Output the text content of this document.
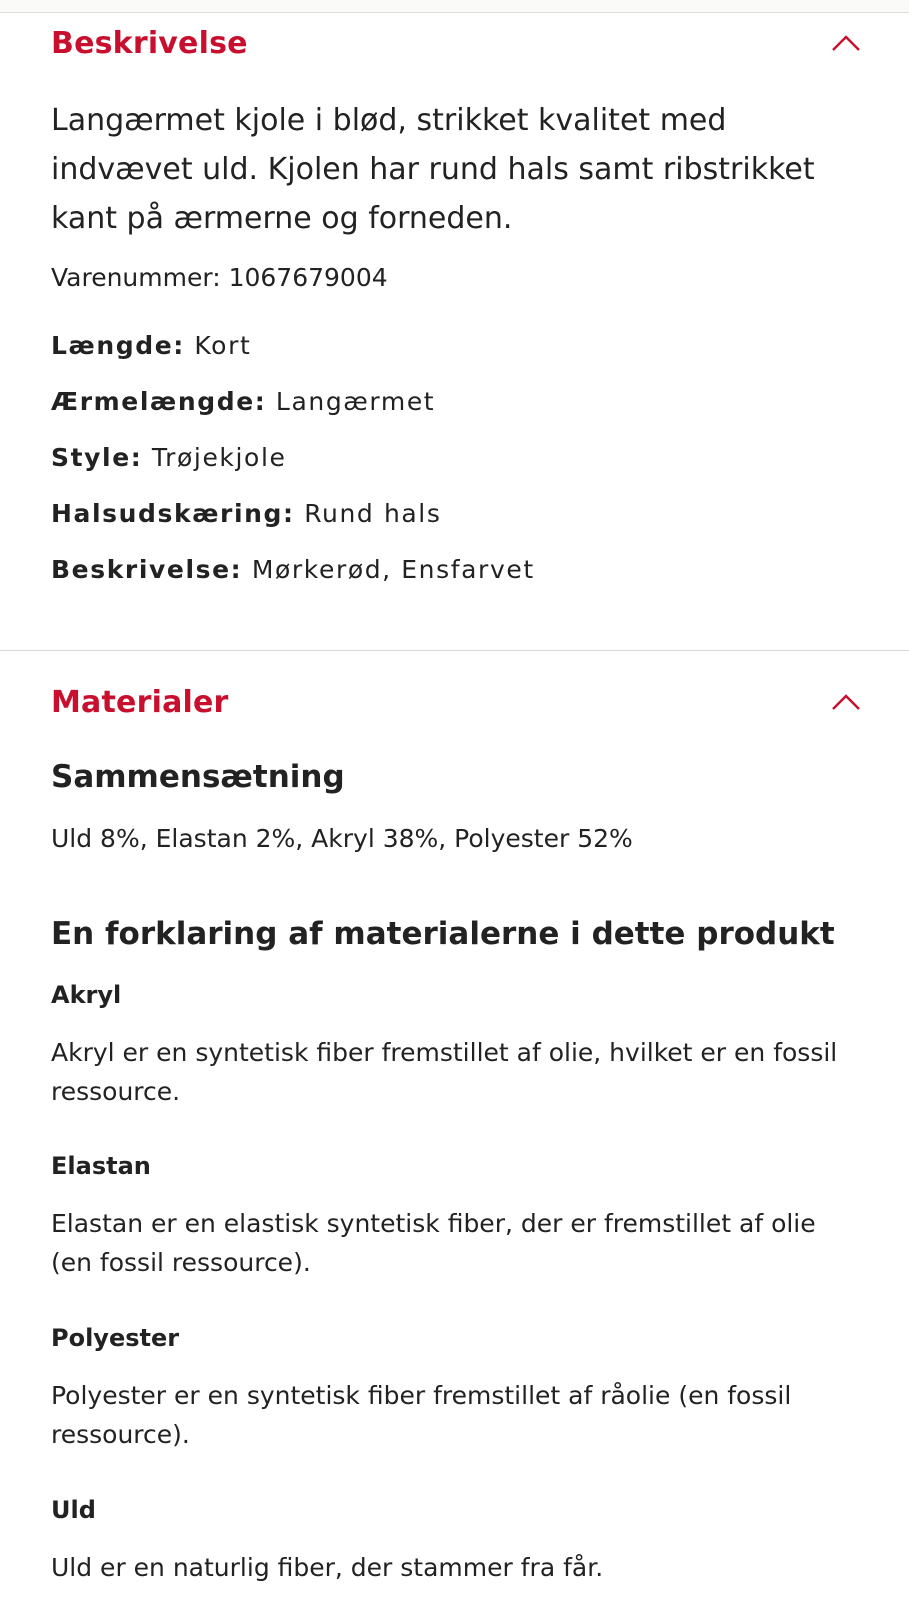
Beskrivelse

Langærmet kjole i blød, strikket kvalitet med indvævet uld. Kjolen har rund hals samt ribstrikket kant på ærmerne og forneden.

Varenummer: 1067679004

Længde: Kort
Ærmelængde: Langærmet
Style: Trøjekjole
Halsudskæring: Rund hals
Beskrivelse: Mørkerød, Ensfarvet
Materialer
Sammensætning
Uld 8%, Elastan 2%, Akryl 38%, Polyester 52%
En forklaring af materialerne i dette produkt
Akryl

Akryl er en syntetisk fiber fremstillet af olie, hvilket er en fossil ressource.

Elastan

Elastan er en elastisk syntetisk fiber, der er fremstillet af olie (en fossil ressource).

Polyester

Polyester er en syntetisk fiber fremstillet af råolie (en fossil ressource).

Uld

Uld er en naturlig fiber, der stammer fra får.
